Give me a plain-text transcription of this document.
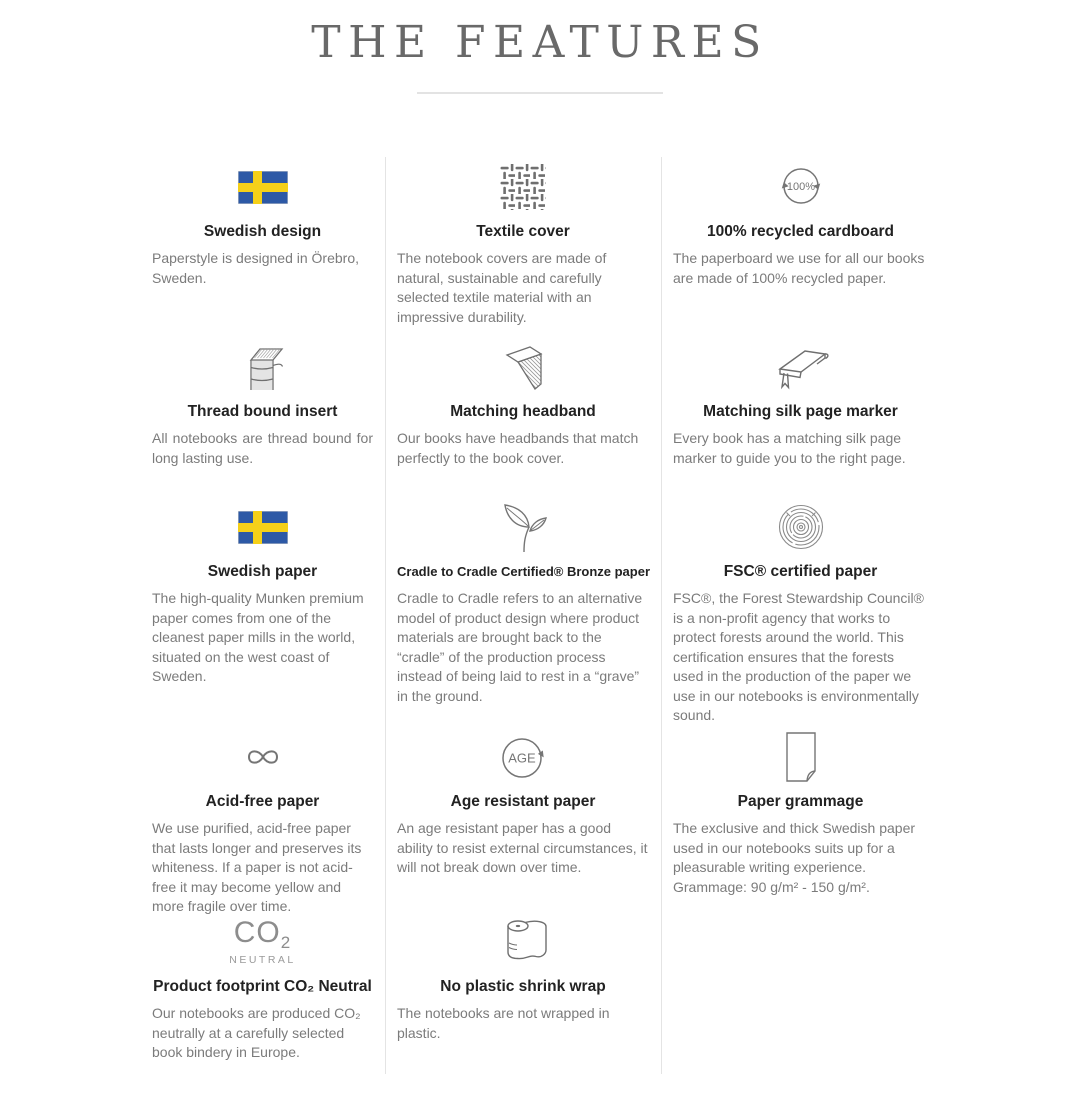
THE FEATURES
Swedish design

Paperstyle is designed in Örebro, Sweden.

Textile cover

The notebook covers are made of natural, sustainable and carefully selected textile material with an impressive durability.

100%
100% recycled cardboard

The paperboard we use for all our books are made of 100% recycled paper.

Thread bound insert

All notebooks are thread bound for long lasting use.

Matching headband

Our books have headbands that match perfectly to the book cover.

Matching silk page marker

Every book has a matching silk page marker to guide you to the right page.

Swedish paper

The high-quality Munken premium paper comes from one of the cleanest paper mills in the world, situated on the west coast of Sweden.

Cradle to Cradle Certified® Bronze paper

Cradle to Cradle refers to an alternative model of product design where product materials are brought back to the “cradle” of the production process instead of being laid to rest in a “grave” in the ground.

FSC® certified paper

FSC®, the Forest Stewardship Council® is a non-profit agency that works to protect forests around the world. This certification ensures that the forests used in the production of the paper we use in our notebooks is environmentally sound.

Acid-free paper

We use purified, acid-free paper that lasts longer and preserves its whiteness. If a paper is not acid-free it may become yellow and more fragile over time.

AGE
Age resistant paper

An age resistant paper has a good ability to resist external circumstances, it will not break down over time.

Paper grammage

The exclusive and thick Swedish paper used in our notebooks suits up for a pleasurable writing experience. Grammage: 90 g/m² - 150 g/m².

$CO_2$
NEUTRAL
Product footprint CO₂ Neutral

Our notebooks are produced CO₂ neutrally at a carefully selected book bindery in Europe.

No plastic shrink wrap

The notebooks are not wrapped in plastic.
